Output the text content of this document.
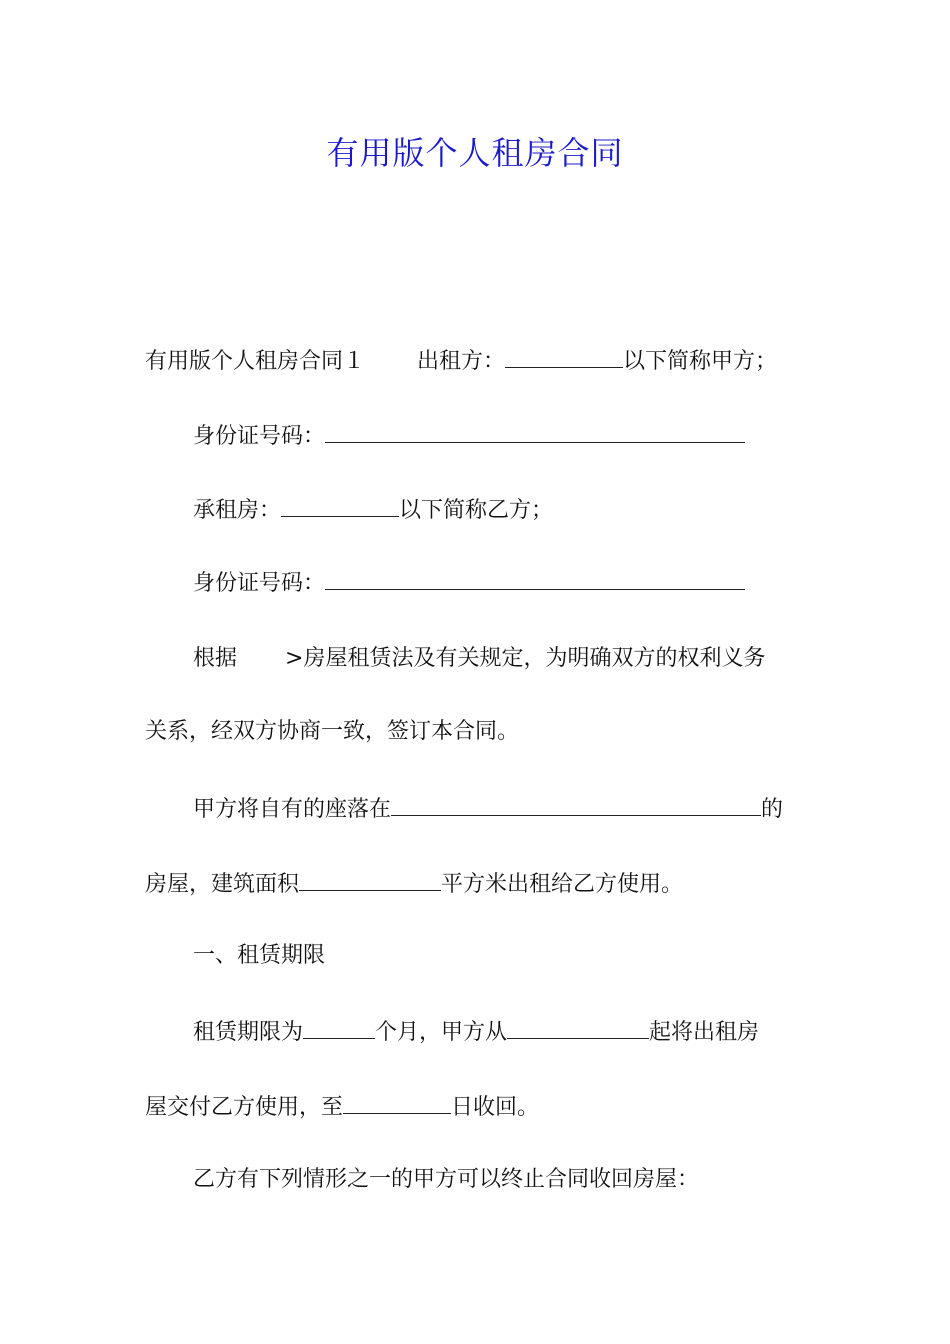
有用版个人租房合同
有用版个人租房合同１ 出租方：	以下简称甲方；
身份证号码：
承租房：	以下简称乙方；
身份证号码：
根据 >房屋租赁法及有关规定，为明确双方的权利义务
关系，经双方协商一致，签订本合同。
甲方将自有的座落在	的
房屋，建筑面积	平方米出租给乙方使用。
一、租赁期限
租赁期限为	个月，甲方从	起将出租房
屋交付乙方使用，至	日收回。
乙方有下列情形之一的甲方可以终止合同收回房屋：
